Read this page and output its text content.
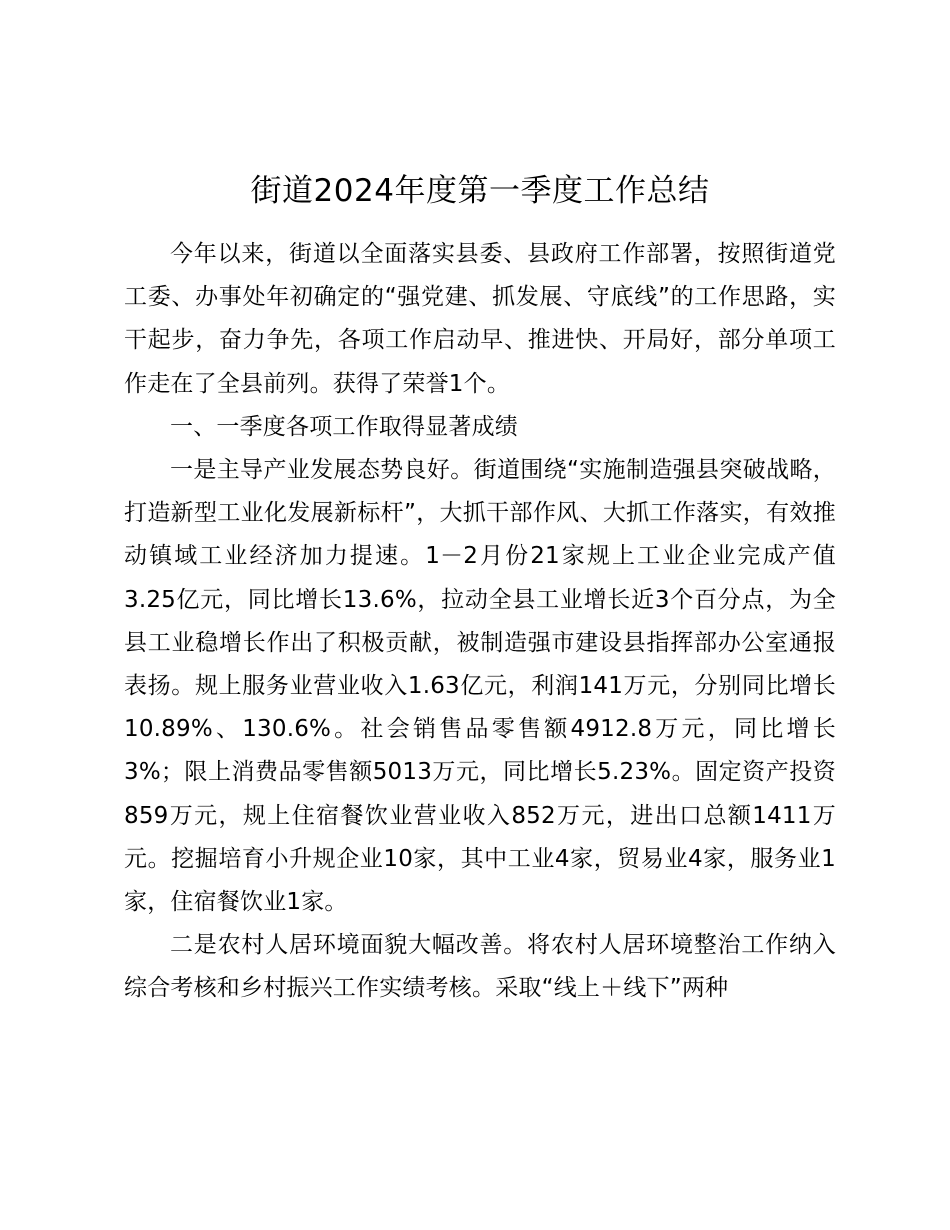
街道2024年度第一季度工作总结

今年以来，街道以全面落实县委、县政府工作部署，按照街道党工委、办事处年初确定的“强党建、抓发展、守底线”的工作思路，实干起步，奋力争先，各项工作启动早、推进快、开局好，部分单项工作走在了全县前列。获得了荣誉1个。

一、一季度各项工作取得显著成绩

一是主导产业发展态势良好。街道围绕“实施制造强县突破战略，打造新型工业化发展新标杆”，大抓干部作风、大抓工作落实，有效推动镇域工业经济加力提速。1－2月份21家规上工业企业完成产值3.25亿元，同比增长13.6%，拉动全县工业增长近3个百分点，为全县工业稳增长作出了积极贡献，被制造强市建设县指挥部办公室通报表扬。规上服务业营业收入1.63亿元，利润141万元，分别同比增长10.89%、130.6%。社会销售品零售额4912.8万元，同比增长3%；限上消费品零售额5013万元，同比增长5.23%。固定资产投资859万元，规上住宿餐饮业营业收入852万元，进出口总额1411万元。挖掘培育小升规企业10家，其中工业4家，贸易业4家，服务业1家，住宿餐饮业1家。

二是农村人居环境面貌大幅改善。将农村人居环境整治工作纳入综合考核和乡村振兴工作实绩考核。采取“线上＋线下”两种
